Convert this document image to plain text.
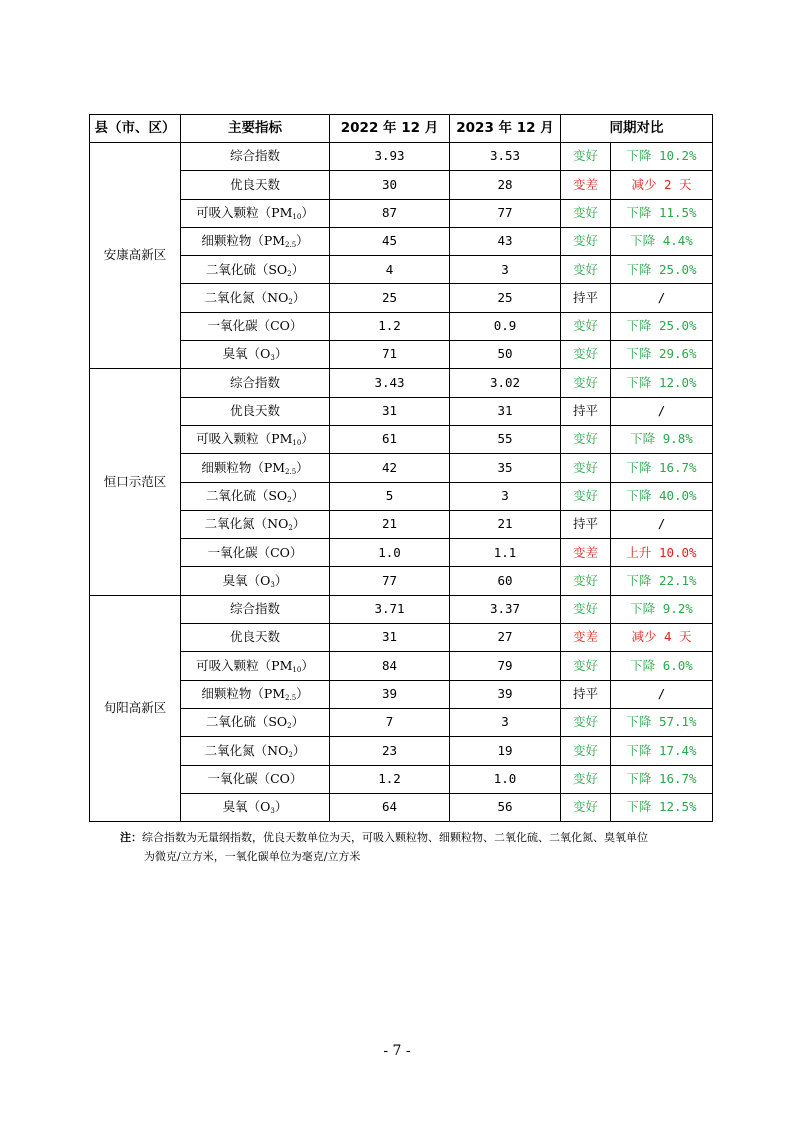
县（市、区）	主要指标	2022 年 12 月	2023 年 12 月	同期对比	
安康高新区	综合指数	3.93	3.53	变好	下降 10.2%
	优良天数	30	28	变差	减少 2 天
	可吸入颗粒$(PM_{10})$	87	77	变好	下降 11.5%
	细颗粒物$(PM_{2.5})$	45	43	变好	下降 4.4%
	二氧化硫$(SO_2)$	4	3	变好	下降 25.0%
	二氧化氮$(NO_2)$	25	25	持平	/
	一氧化碳（CO）	1.2	0.9	变好	下降 25.0%
	臭氧$(O_3)$	71	50	变好	下降 29.6%
恒口示范区	综合指数	3.43	3.02	变好	下降 12.0%
	优良天数	31	31	持平	/
	可吸入颗粒$(PM_{10})$	61	55	变好	下降 9.8%
	细颗粒物$(PM_{2.5})$	42	35	变好	下降 16.7%
	二氧化硫$(SO_2)$	5	3	变好	下降 40.0%
	二氧化氮$(NO_2)$	21	21	持平	/
	一氧化碳（CO）	1.0	1.1	变差	上升 10.0%
	臭氧$(O_3)$	77	60	变好	下降 22.1%
旬阳高新区	综合指数	3.71	3.37	变好	下降 9.2%
	优良天数	31	27	变差	减少 4 天
	可吸入颗粒$(PM_{10})$	84	79	变好	下降 6.0%
	细颗粒物$(PM_{2.5})$	39	39	持平	/
	二氧化硫$(SO_2)$	7	3	变好	下降 57.1%
	二氧化氮$(NO_2)$	23	19	变好	下降 17.4%
	一氧化碳（CO）	1.2	1.0	变好	下降 16.7%
	臭氧$(O_3)$	64	56	变好	下降 12.5%
注：综合指数为无量纲指数，优良天数单位为天，可吸入颗粒物、细颗粒物、二氧化硫、二氧化氮、臭氧单位
为微克/立方米，一氧化碳单位为毫克/立方米
- 7 -
